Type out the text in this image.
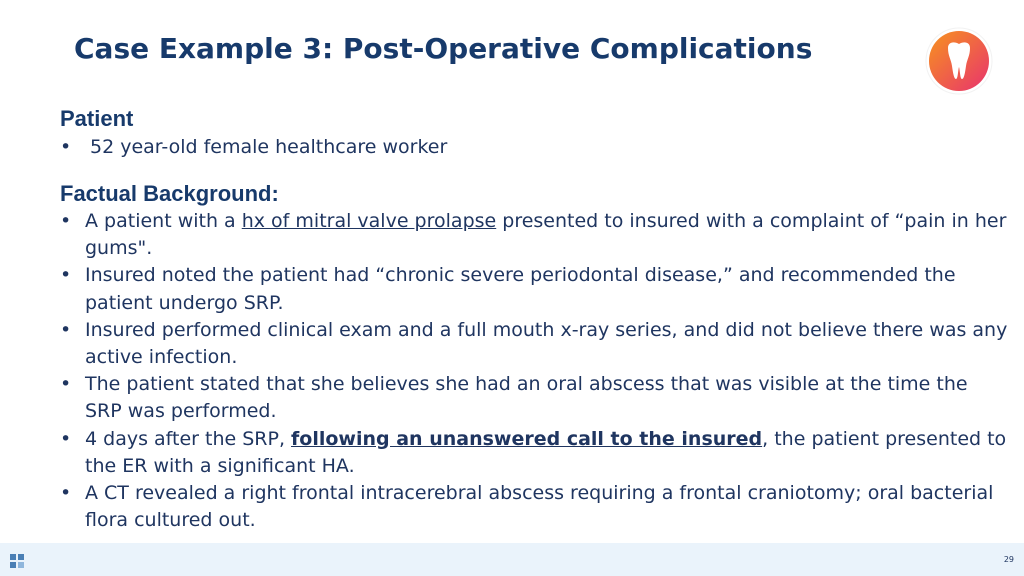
Case Example 3: Post-Operative Complications
Patient
• 52 year-old female healthcare worker
Factual Background:
• A patient with a hx of mitral valve prolapse presented to insured with a complaint of “pain in her gums".
• Insured noted the patient had “chronic severe periodontal disease,” and recommended the patient undergo SRP.
• Insured performed clinical exam and a full mouth x-ray series, and did not believe there was any active infection.
• The patient stated that she believes she had an oral abscess that was visible at the time the SRP was performed.
• 4 days after the SRP, following an unanswered call to the insured, the patient presented to the ER with a significant HA.
• A CT revealed a right frontal intracerebral abscess requiring a frontal craniotomy; oral bacterial flora cultured out.
29
